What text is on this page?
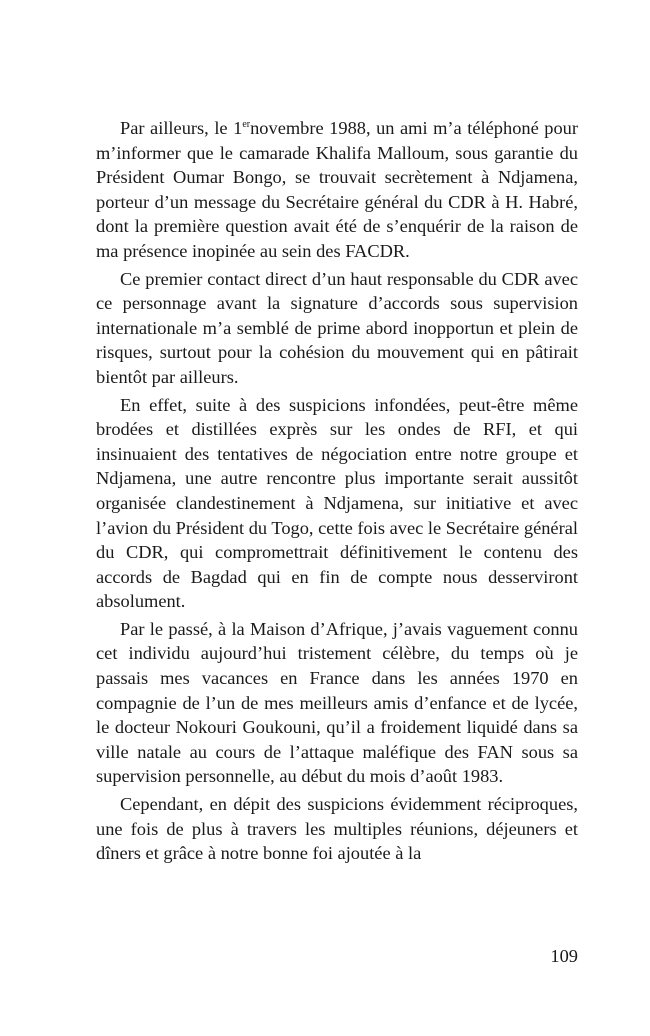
Par ailleurs, le 1ernovembre 1988, un ami m’a téléphoné pour m’informer que le camarade Khalifa Malloum, sous garantie du Président Oumar Bongo, se trouvait secrètement à Ndjamena, porteur d’un message du Secrétaire général du CDR à H. Habré, dont la première question avait été de s’enquérir de la raison de ma présence inopinée au sein des FACDR.

Ce premier contact direct d’un haut responsable du CDR avec ce personnage avant la signature d’accords sous supervision internationale m’a semblé de prime abord inopportun et plein de risques, surtout pour la cohésion du mouvement qui en pâtirait bientôt par ailleurs.

En effet, suite à des suspicions infondées, peut-être même brodées et distillées exprès sur les ondes de RFI, et qui insinuaient des tentatives de négociation entre notre groupe et Ndjamena, une autre rencontre plus importante serait aussitôt organisée clandestinement à Ndjamena, sur initiative et avec l’avion du Président du Togo, cette fois avec le Secrétaire général du CDR, qui compromettrait définitivement le contenu des accords de Bagdad qui en fin de compte nous desserviront absolument.

Par le passé, à la Maison d’Afrique, j’avais vaguement connu cet individu aujourd’hui tristement célèbre, du temps où je passais mes vacances en France dans les années 1970 en compagnie de l’un de mes meilleurs amis d’enfance et de lycée, le docteur Nokouri Goukouni, qu’il a froidement liquidé dans sa ville natale au cours de l’attaque maléfique des FAN sous sa supervision personnelle, au début du mois d’août 1983.

Cependant, en dépit des suspicions évidemment réciproques, une fois de plus à travers les multiples réunions, déjeuners et dîners et grâce à notre bonne foi ajoutée à la

109
